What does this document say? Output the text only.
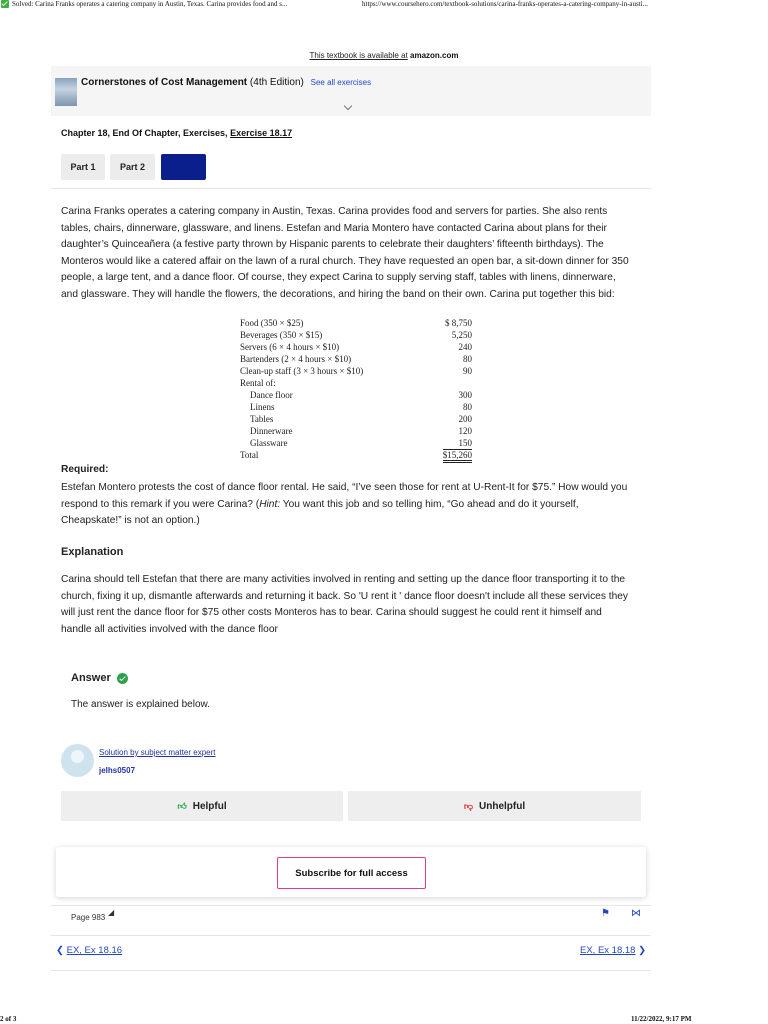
Solved: Carina Franks operates a catering company in Austin, Texas. Carina provides food and s...	https://www.coursehero.com/textbook-solutions/carina-franks-operates-a-catering-company-in-austi...
This textbook is available at amazon.com
Cornerstones of Cost Management (4th Edition) See all exercises
Chapter 18, End Of Chapter, Exercises, Exercise 18.17
Part 1	Part 2	Part 3
Carina Franks operates a catering company in Austin, Texas. Carina provides food and servers for parties. She also rents tables, chairs, dinnerware, glassware, and linens. Estefan and Maria Montero have contacted Carina about plans for their daughter’s Quinceañera (a festive party thrown by Hispanic parents to celebrate their daughters’ fifteenth birthdays). The Monteros would like a catered affair on the lawn of a rural church. They have requested an open bar, a sit-down dinner for 350 people, a large tent, and a dance floor. Of course, they expect Carina to supply serving staff, tables with linens, dinnerware, and glassware. They will handle the flowers, the decorations, and hiring the band on their own. Carina put together this bid:
Food (350 × $25)	$ 8,750
Beverages (350 × $15)	5,250
Servers (6 × 4 hours × $10)	240
Bartenders (2 × 4 hours × $10)	80
Clean-up staff (3 × 3 hours × $10)	90
Rental of:	
Dance floor	300
Linens	80
Tables	200
Dinnerware	120
Glassware	150
Total	$15,260
Required:
Estefan Montero protests the cost of dance floor rental. He said, “I’ve seen those for rent at U-Rent-It for $75.” How would you respond to this remark if you were Carina? (Hint: You want this job and so telling him, “Go ahead and do it yourself, Cheapskate!” is not an option.)
Explanation
Carina should tell Estefan that there are many activities involved in renting and setting up the dance floor transporting it to the church, fixing it up, dismantle afterwards and returning it back. So 'U rent it ' dance floor doesn't include all these services they will just rent the dance floor for $75 other costs Monteros has to bear. Carina should suggest he could rent it himself and handle all activities involved with the dance floor
Answer
The answer is explained below.
Solution by subject matter expert
jelhs0507
👍︎ Helpful	👎︎ Unhelpful
Subscribe for full access
Page 983
◢	⚑ ⋈
❮ EX, Ex 18.16	EX, Ex 18.18 ❯
2 of 3	11/22/2022, 9:17 PM
